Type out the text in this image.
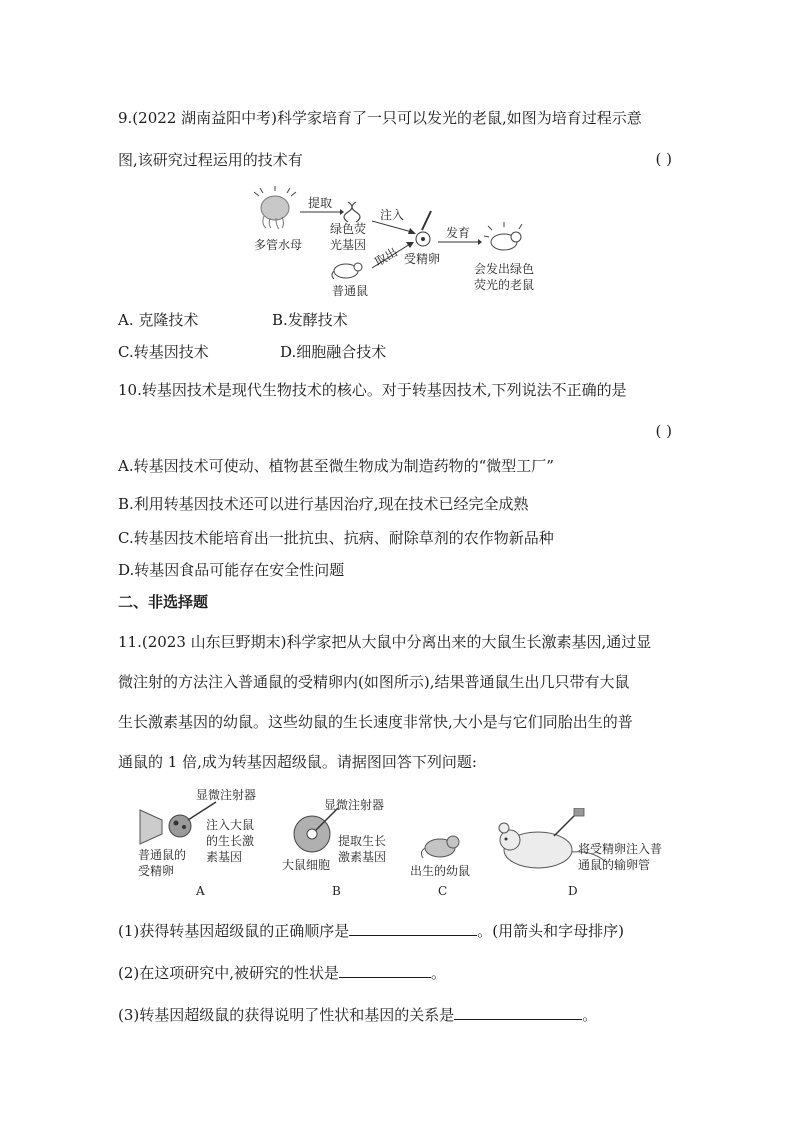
9.(2022 湖南益阳中考)科学家培育了一只可以发光的老鼠,如图为培育过程示意
图,该研究过程运用的技术有	( )
多管水母
提取
绿色荧
光基因
注入
受精卵
取出
普通鼠
发育
会发出绿色
荧光的老鼠
A. 克隆技术	B.发酵技术
C.转基因技术	D.细胞融合技术
10.转基因技术是现代生物技术的核心。对于转基因技术,下列说法不正确的是
( )
A.转基因技术可使动、植物甚至微生物成为制造药物的“微型工厂”
B.利用转基因技术还可以进行基因治疗,现在技术已经完全成熟
C.转基因技术能培育出一批抗虫、抗病、耐除草剂的农作物新品种
D.转基因食品可能存在安全性问题
二、非选择题
11.(2023 山东巨野期末)科学家把从大鼠中分离出来的大鼠生长激素基因,通过显
微注射的方法注入普通鼠的受精卵内(如图所示),结果普通鼠生出几只带有大鼠
生长激素基因的幼鼠。这些幼鼠的生长速度非常快,大小是与它们同胎出生的普
通鼠的 1 倍,成为转基因超级鼠。请据图回答下列问题:
显微注射器
注入大鼠
的生长激
素基因
普通鼠的
受精卵
A
显微注射器
提取生长
激素基因
大鼠细胞
B
出生的幼鼠
C
将受精卵注入普
通鼠的输卵管
D
(1)获得转基因超级鼠的正确顺序是	。(用箭头和字母排序)
(2)在这项研究中,被研究的性状是	。
(3)转基因超级鼠的获得说明了性状和基因的关系是	。
